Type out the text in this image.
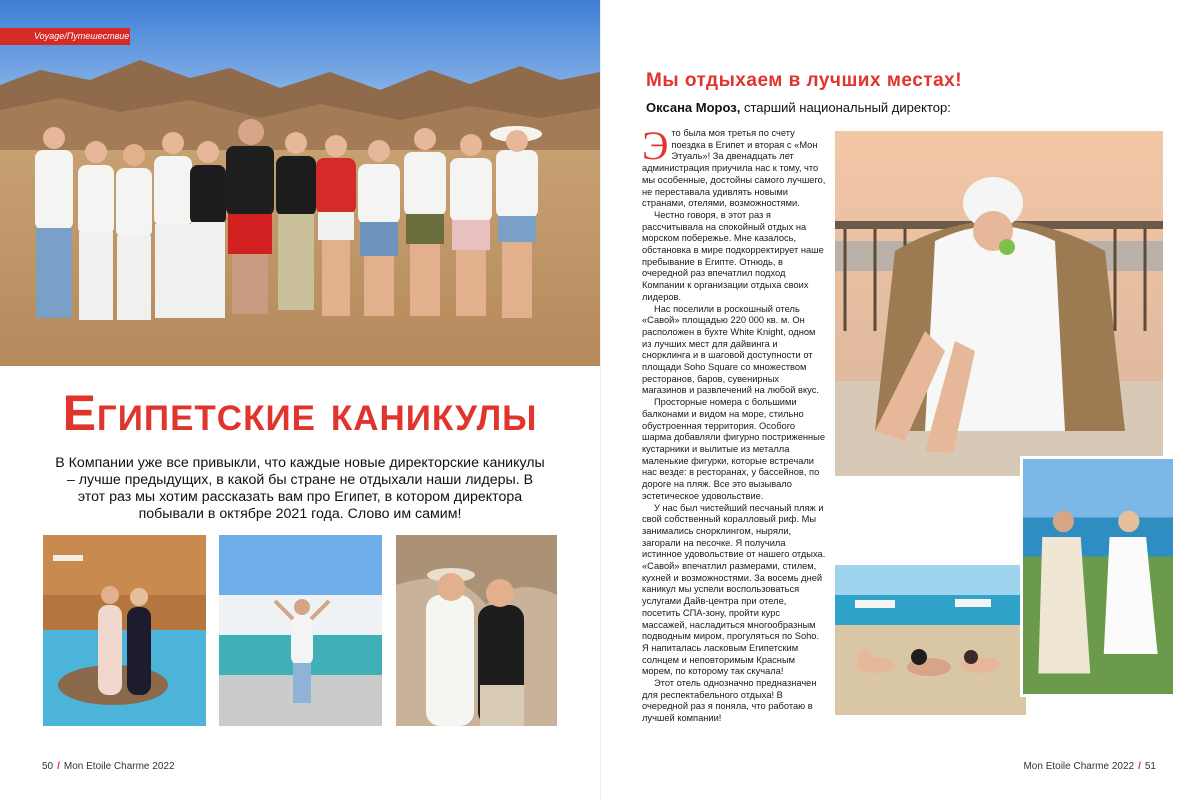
Voyage/Путешествие
Египетские каникулы

В Компании уже все привыкли, что каждые новые директорские каникулы – лучше предыдущих, в какой бы стране не отдыхали наши лидеры. В этот раз мы хотим рассказать вам про Египет, в котором директора побывали в октябре 2021 года. Слово им самим!

50 / Mon Etoile Charme 2022
Мы отдыхаем в лучших местах!
Оксана Мороз, старший национальный директор:

Это была моя третья по счету поездка в Египет и вторая с «Мон Этуаль»! За двенадцать лет администрация приучила нас к тому, что мы особенные, достойны самого лучшего, не переставала удивлять новыми странами, отелями, возможностями.

Честно говоря, в этот раз я рассчитывала на спокойный отдых на морском побережье. Мне казалось, обстановка в мире подкорректирует наше пребывание в Египте. Отнюдь, в очередной раз впечатлил подход Компании к организации отдыха своих лидеров.

Нас поселили в роскошный отель «Савой» площадью 220 000 кв. м. Он расположен в бухте White Knight, одном из лучших мест для дайвинга и снорклинга и в шаговой доступности от площади Soho Square со множеством ресторанов, баров, сувенирных магазинов и развлечений на любой вкус.

Просторные номера с большими балконами и видом на море, стильно обустроенная территория. Особого шарма добавляли фигурно постриженные кустарники и вылитые из металла маленькие фигурки, которые встречали нас везде: в ресторанах, у бассейнов, по дороге на пляж. Все это вызывало эстетическое удовольствие.

У нас был чистейший песчаный пляж и свой собственный коралловый риф. Мы занимались снорклингом, ныряли, загорали на песочке. Я получила истинное удовольствие от нашего отдыха. «Савой» впечатлил размерами, стилем, кухней и возможностями. За восемь дней каникул мы успели воспользоваться услугами Дайв-центра при отеле, посетить СПА-зону, пройти курс массажей, насладиться многообразным подводным миром, прогуляться по Soho. Я напиталась ласковым Египетским солнцем и неповторимым Красным морем, по которому так скучала!

Этот отель однозначно предназначен для респектабельного отдыха! В очередной раз я поняла, что работаю в лучшей компании!

Mon Etoile Charme 2022 / 51
